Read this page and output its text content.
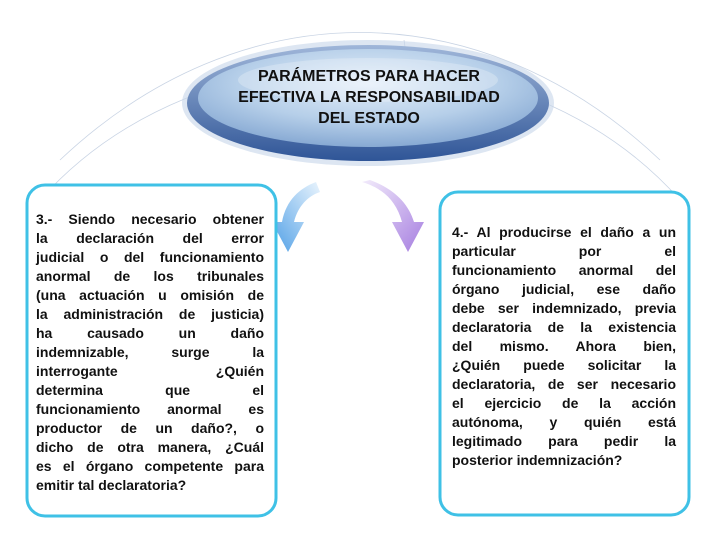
PARÁMETROS PARA HACER
EFECTIVA LA RESPONSABILIDAD
DEL ESTADO
3.- Siendo necesario obtener
la declaración del error
judicial o del funcionamiento
anormal de los tribunales
(una actuación u omisión de
la administración de justicia)
ha causado un daño
indemnizable, surge la
interrogante ¿Quién
determina que el
funcionamiento anormal es
productor de un daño?, o
dicho de otra manera, ¿Cuál
es el órgano competente para
emitir tal declaratoria?
4.- Al producirse el daño a un
particular por el
funcionamiento anormal del
órgano judicial, ese daño
debe ser indemnizado, previa
declaratoria de la existencia
del mismo. Ahora bien,
¿Quién puede solicitar la
declaratoria, de ser necesario
el ejercicio de la acción
autónoma, y quién está
legitimado para pedir la
posterior indemnización?
